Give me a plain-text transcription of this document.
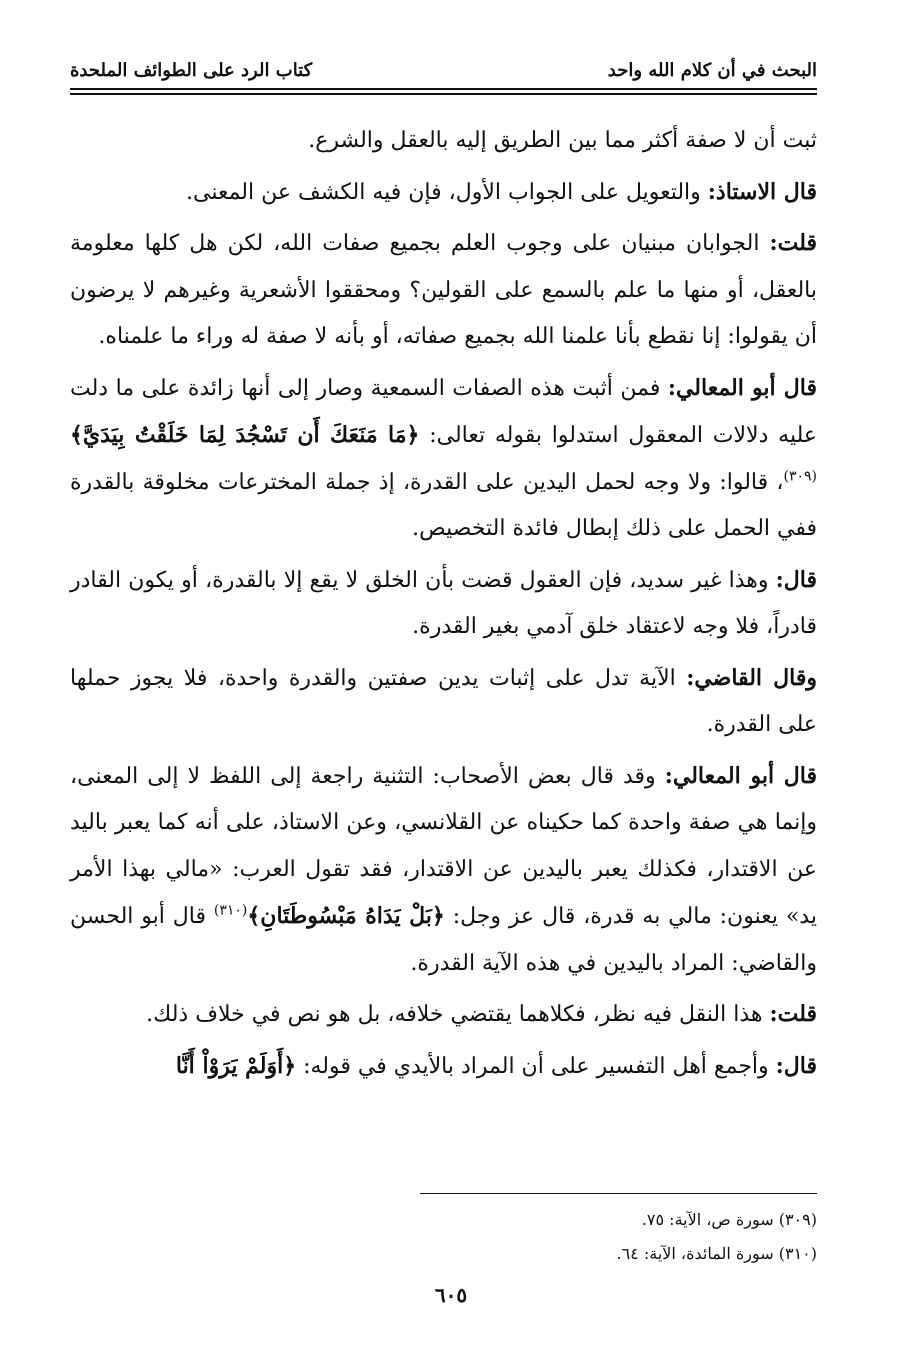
البحث في أن كلام الله واحد
كتاب الرد على الطوائف الملحدة

ثبت أن لا صفة أكثر مما بين الطريق إليه بالعقل والشرع.

قال الاستاذ: والتعويل على الجواب الأول، فإن فيه الكشف عن المعنى.

قلت: الجوابان مبنيان على وجوب العلم بجميع صفات الله، لكن هل كلها معلومة بالعقل، أو منها ما علم بالسمع على القولين؟ ومحققوا الأشعرية وغيرهم لا يرضون أن يقولوا: إنا نقطع بأنا علمنا الله بجميع صفاته، أو بأنه لا صفة له وراء ما علمناه.

قال أبو المعالي: فمن أثبت هذه الصفات السمعية وصار إلى أنها زائدة على ما دلت عليه دلالات المعقول استدلوا بقوله تعالى: ﴿مَا مَنَعَكَ أَن تَسْجُدَ لِمَا خَلَقْتُ بِيَدَيَّ﴾$^{(٣٠٩)}$، قالوا: ولا وجه لحمل اليدين على القدرة، إذ جملة المخترعات مخلوقة بالقدرة ففي الحمل على ذلك إبطال فائدة التخصيص.

قال: وهذا غير سديد، فإن العقول قضت بأن الخلق لا يقع إلا بالقدرة، أو يكون القادر قادراً، فلا وجه لاعتقاد خلق آدمي بغير القدرة.

وقال القاضي: الآية تدل على إثبات يدين صفتين والقدرة واحدة، فلا يجوز حملها على القدرة.

قال أبو المعالي: وقد قال بعض الأصحاب: التثنية راجعة إلى اللفظ لا إلى المعنى، وإنما هي صفة واحدة كما حكيناه عن القلانسي، وعن الاستاذ، على أنه كما يعبر باليد عن الاقتدار، فكذلك يعبر باليدين عن الاقتدار، فقد تقول العرب: «مالي بهذا الأمر يد» يعنون: مالي به قدرة، قال عز وجل: ﴿بَلْ يَدَاهُ مَبْسُوطَتَانِ﴾$^{(٣١٠)}$ قال أبو الحسن والقاضي: المراد باليدين في هذه الآية القدرة.

قلت: هذا النقل فيه نظر، فكلاهما يقتضي خلافه، بل هو نص في خلاف ذلك.

قال: وأجمع أهل التفسير على أن المراد بالأيدي في قوله: ﴿أَوَلَمْ يَرَوْاْ أَنَّا

(٣٠٩) سورة ص، الآية: ٧٥.
(٣١٠) سورة المائدة، الآية: ٦٤.
٦٠٥
